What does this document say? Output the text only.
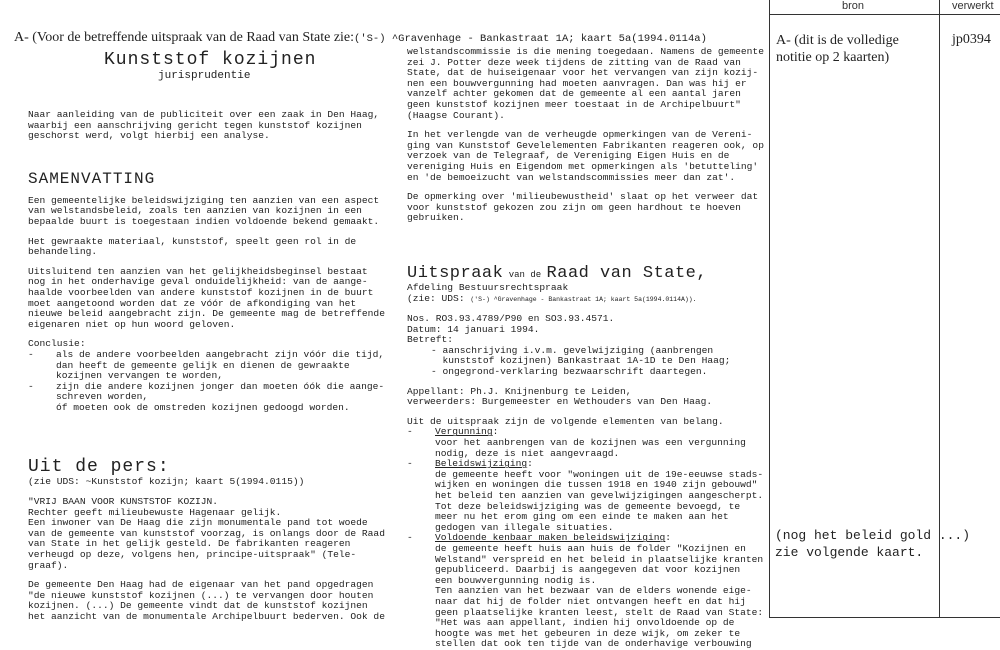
bron	verwerkt
A- (Voor de betreffende uitspraak van de Raad van State zie:('S-) ^Gravenhage - Bankastraat 1A; kaart 5a(1994.0114a)
Kunststof kozijnen
jurisprudentie

Naar aanleiding van de publiciteit over een zaak in Den Haag,
waarbij een aanschrijving gericht tegen kunststof kozijnen
geschorst werd, volgt hierbij een analyse.

SAMENVATTING

Een gemeentelijke beleidswijziging ten aanzien van een aspect
van welstandsbeleid, zoals ten aanzien van kozijnen in een
bepaalde buurt is toegestaan indien voldoende bekend gemaakt.

Het gewraakte materiaal, kunststof, speelt geen rol in de
behandeling.

Uitsluitend ten aanzien van het gelijkheidsbeginsel bestaat
nog in het onderhavige geval onduidelijkheid: van de aange-
haalde voorbeelden van andere kunststof kozijnen in de buurt
moet aangetoond worden dat ze vóór de afkondiging van het
nieuwe beleid aangebracht zijn. De gemeente mag de betreffende
eigenaren niet op hun woord geloven.

Conclusie:
- als de andere voorbeelden aangebracht zijn vóór die tijd,
dan heeft de gemeente gelijk en dienen de gewraakte
kozijnen vervangen te worden,

- zijn die andere kozijnen jonger dan moeten óók die aange-
schreven worden,
óf moeten ook de omstreden kozijnen gedoogd worden.

Uit de pers:
(zie UDS: ~Kunststof kozijn; kaart 5(1994.0115))

"VRIJ BAAN VOOR KUNSTSTOF KOZIJN.
Rechter geeft milieubewuste Hagenaar gelijk.
Een inwoner van De Haag die zijn monumentale pand tot woede
van de gemeente van kunststof voorzag, is onlangs door de Raad
van State in het gelijk gesteld. De fabrikanten reageren
verheugd op deze, volgens hen, principe-uitspraak" (Tele-
graaf).

De gemeente Den Haag had de eigenaar van het pand opgedragen
"de nieuwe kunststof kozijnen (...) te vervangen door houten
kozijnen. (...) De gemeente vindt dat de kunststof kozijnen
het aanzicht van de monumentale Archipelbuurt bederven. Ook de

welstandscommissie is die mening toegedaan. Namens de gemeente
zei J. Potter deze week tijdens de zitting van de Raad van
State, dat de huiseigenaar voor het vervangen van zijn kozij-
nen een bouwvergunning had moeten aanvragen. Dan was hij er
vanzelf achter gekomen dat de gemeente al een aantal jaren
geen kunststof kozijnen meer toestaat in de Archipelbuurt"
(Haagse Courant).

In het verlengde van de verheugde opmerkingen van de Vereni-
ging van Kunststof Gevelelementen Fabrikanten reageren ook, op
verzoek van de Telegraaf, de Vereniging Eigen Huis en de
vereniging Huis en Eigendom met opmerkingen als 'betutteling'
en 'de bemoeizucht van welstandscommissies meer dan zat'.

De opmerking over 'milieubewustheid' slaat op het verweer dat
voor kunststof gekozen zou zijn om geen hardhout te hoeven
gebruiken.

Uitspraak van de Raad van State,
Afdeling Bestuursrechtspraak
(zie: UDS: ('S-) ^Gravenhage - Bankastraat 1A; kaart 5a(1994.0114A)).
Nos. RO3.93.4789/P90 en SO3.93.4571.
Datum: 14 januari 1994.
Betreft:

- aanschrijving i.v.m. gevelwijziging (aanbrengen
kunststof kozijnen) Bankastraat 1A-1D te Den Haag;

- ongegrond-verklaring bezwaarschrift daartegen.

Appellant: Ph.J. Knijnenburg te Leiden,
verweerders: Burgemeester en Wethouders van Den Haag.

Uit de uitspraak zijn de volgende elementen van belang.
- Vergunning:

voor het aanbrengen van de kozijnen was een vergunning
nodig, deze is niet aangevraagd.

- Beleidswijziging:

de gemeente heeft voor "woningen uit de 19e-eeuwse stads-
wijken en woningen die tussen 1918 en 1940 zijn gebouwd"
het beleid ten aanzien van gevelwijzigingen aangescherpt.
Tot deze beleidswijziging was de gemeente bevoegd, te
meer nu het erom ging om een einde te maken aan het
gedogen van illegale situaties.

- Voldoende kenbaar maken beleidswijziging:

de gemeente heeft huis aan huis de folder "Kozijnen en
Welstand" verspreid en het beleid in plaatselijke kranten
gepubliceerd. Daarbij is aangegeven dat voor kozijnen
een bouwvergunning nodig is.
Ten aanzien van het bezwaar van de elders wonende eige-
naar dat hij de folder niet ontvangen heeft en dat hij
geen plaatselijke kranten leest, stelt de Raad van State:
"Het was aan appellant, indien hij onvoldoende op de
hoogte was met het gebeuren in deze wijk, om zeker te
stellen dat ook ten tijde van de onderhavige verbouwing

A- (dit is de volledige
notitie op 2 kaarten)

jp0394

(nog het beleid gold ...)
zie volgende kaart.
